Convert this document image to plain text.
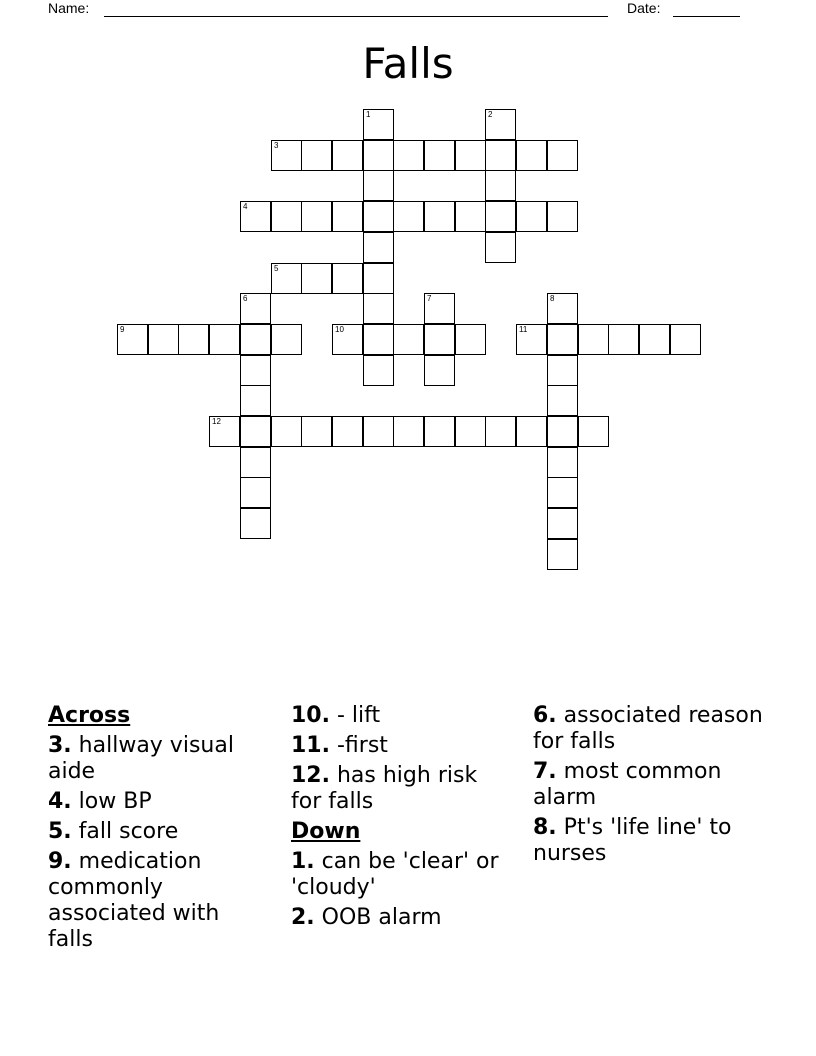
Name:	Date:
Falls
1	2
3
4
5
6	7	8
9	10	11
12
Across
3. hallway visual aide
4. low BP
5. fall score
9. medication commonly associated with falls
10. - lift
11. -first
12. has high risk for falls
Down
1. can be 'clear' or 'cloudy'
2. OOB alarm
6. associated reason for falls
7. most common alarm
8. Pt's 'life line' to nurses
